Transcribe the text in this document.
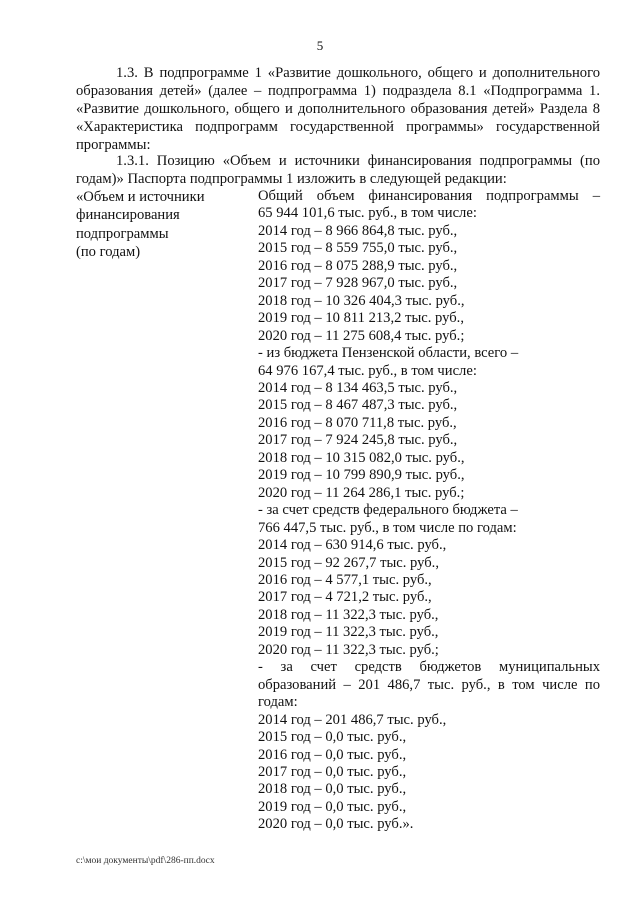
5
1.3. В подпрограмме 1 «Развитие дошкольного, общего и дополнительного образования детей» (далее – подпрограмма 1) подраздела 8.1 «Подпрограмма 1. «Развитие дошкольного, общего и дополнительного образования детей» Раздела 8 «Характеристика подпрограмм государственной программы» государственной программы:
1.3.1. Позицию «Объем и источники финансирования подпрограммы (по годам)» Паспорта подпрограммы 1 изложить в следующей редакции:
«Объем и источники
финансирования
подпрограммы
(по годам)
Общий объем финансирования подпрограммы –
65 944 101,6 тыс. руб., в том числе:
2014 год – 8 966 864,8 тыс. руб.,
2015 год – 8 559 755,0 тыс. руб.,
2016 год – 8 075 288,9 тыс. руб.,
2017 год – 7 928 967,0 тыс. руб.,
2018 год – 10 326 404,3 тыс. руб.,
2019 год – 10 811 213,2 тыс. руб.,
2020 год – 11 275 608,4 тыс. руб.;
- из бюджета Пензенской области, всего –
64 976 167,4 тыс. руб., в том числе:
2014 год – 8 134 463,5 тыс. руб.,
2015 год – 8 467 487,3 тыс. руб.,
2016 год – 8 070 711,8 тыс. руб.,
2017 год – 7 924 245,8 тыс. руб.,
2018 год – 10 315 082,0 тыс. руб.,
2019 год – 10 799 890,9 тыс. руб.,
2020 год – 11 264 286,1 тыс. руб.;
- за счет средств федерального бюджета –
766 447,5 тыс. руб., в том числе по годам:
2014 год – 630 914,6 тыс. руб.,
2015 год – 92 267,7 тыс. руб.,
2016 год – 4 577,1 тыс. руб.,
2017 год – 4 721,2 тыс. руб.,
2018 год – 11 322,3 тыс. руб.,
2019 год – 11 322,3 тыс. руб.,
2020 год – 11 322,3 тыс. руб.;
- за счет средств бюджетов муниципальных
образований – 201 486,7 тыс. руб., в том числе по
годам:
2014 год – 201 486,7 тыс. руб.,
2015 год – 0,0 тыс. руб.,
2016 год – 0,0 тыс. руб.,
2017 год – 0,0 тыс. руб.,
2018 год – 0,0 тыс. руб.,
2019 год – 0,0 тыс. руб.,
2020 год – 0,0 тыс. руб.».
c:\мои документы\pdf\286-пп.docx
